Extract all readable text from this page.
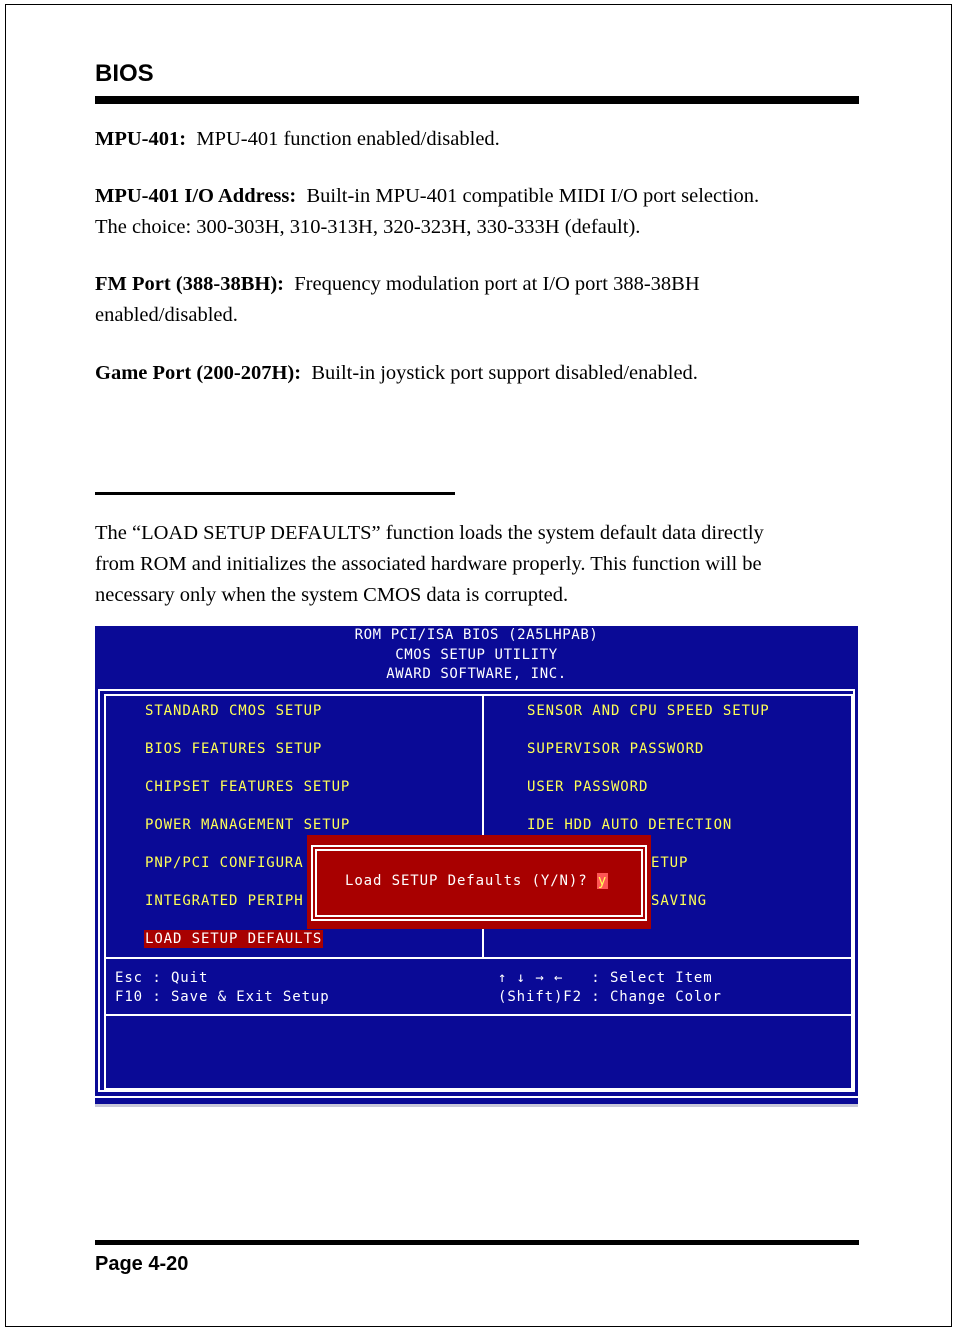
BIOS
MPU-401: MPU-401 function enabled/disabled.
MPU-401 I/O Address: Built-in MPU-401 compatible MIDI I/O port selection.
The choice: 300-303H, 310-313H, 320-323H, 330-333H (default).
FM Port (388-38BH): Frequency modulation port at I/O port 388-38BH
enabled/disabled.
Game Port (200-207H): Built-in joystick port support disabled/enabled.
The “LOAD SETUP DEFAULTS” function loads the system default data directly
from ROM and initializes the associated hardware properly. This function will be
necessary only when the system CMOS data is corrupted.
ROM PCI/ISA BIOS (2A5LHPAB)
CMOS SETUP UTILITY
AWARD SOFTWARE, INC.
STANDARD CMOS SETUP
BIOS FEATURES SETUP
CHIPSET FEATURES SETUP
POWER MANAGEMENT SETUP
PNP/PCI CONFIGURA
INTEGRATED PERIPH
LOAD SETUP DEFAULTS
SENSOR AND CPU SPEED SETUP
SUPERVISOR PASSWORD
USER PASSWORD
IDE HDD AUTO DETECTION
ETUP
SAVING
Esc : Quit
F10 : Save & Exit Setup
↑ ↓ → ←   : Select Item
(Shift)F2 : Change Color
Load SETUP Defaults (Y/N)? y
Page 4-20
